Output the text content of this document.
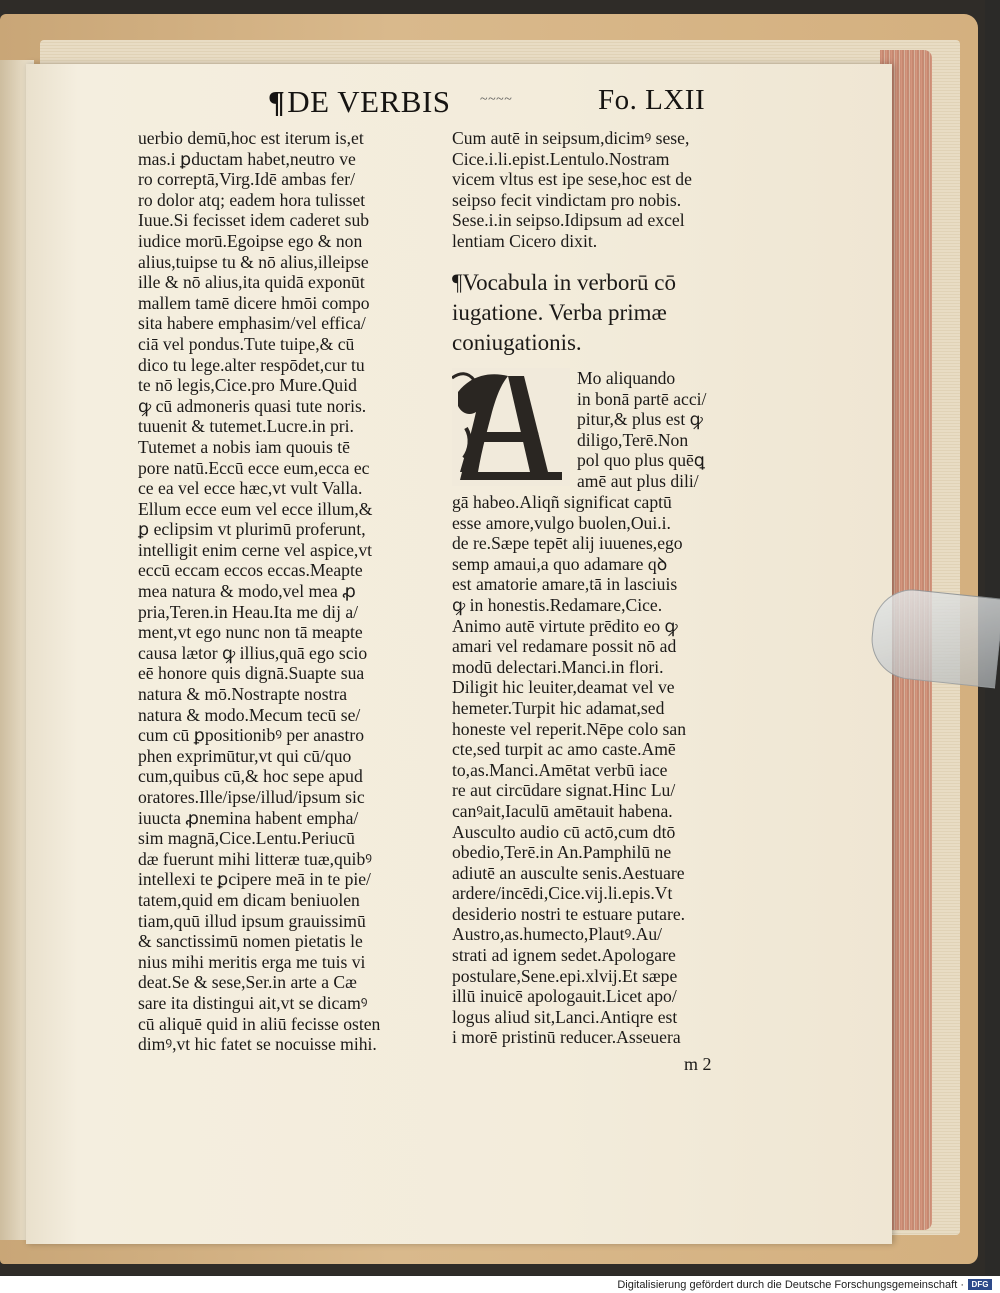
¶DE VERBIS ~~~~	Fo. LXII
uerbio demū,hoc est iterum is,et
mas.i ꝑductam habet,neutro ve
ro correptā,Virg.Idē ambas fer/
ro dolor atq; eadem hora tulisset
Iuue.Si fecisset idem caderet sub
iudice morū.Egoipse ego & non
alius,tuipse tu & nō alius,illeipse
ille & nō alius,ita quidā exponūt
mallem tamē dicere hmōi compo
sita habere emphasim/vel effica/
ciā vel pondus.Tute tuipe,& cū
dico tu lege.alter respōdet,cur tu
te nō legis,Cice.pro Mure.Quid
ꝙ cū admoneris quasi tute noris.
tuuenit & tutemet.Lucre.in pri.
Tutemet a nobis iam quouis tē
pore natū.Eccū ecce eum,ecca ec
ce ea vel ecce hæc,vt vult Valla.
Ellum ecce eum vel ecce illum,&
ꝑ eclipsim vt plurimū proferunt,
intelligit enim cerne vel aspice,vt
eccū eccam eccos eccas.Meapte
mea natura & modo,vel mea ꝓ
pria,Teren.in Heau.Ita me dij a/
ment,vt ego nunc non tā meapte
causa lætor ꝙ illius,quā ego scio
eē honore quis dignā.Suapte sua
natura & mō.Nostrapte nostra
natura & modo.Mecum tecū se/
cum cū ꝑpositionibꝰ per anastro
phen exprimūtur,vt qui cū/quo
cum,quibus cū,& hoc sepe apud
oratores.Ille/ipse/illud/ipsum sic
iuucta ꝓnemina habent empha/
sim magnā,Cice.Lentu.Periucū
dæ fuerunt mihi litteræ tuæ,quibꝰ
intellexi te ꝑcipere meā in te pie/
tatem,quid em dicam beniuolen
tiam,quū illud ipsum grauissimū
& sanctissimū nomen pietatis le
nius mihi meritis erga me tuis vi
deat.Se & sese,Ser.in arte a Cæ
sare ita distingui ait,vt se dicamꝰ
cū aliquē quid in aliū fecisse osten
dimꝰ,vt hic fatet se nocuisse mihi.
Cum autē in seipsum,dicimꝰ sese,
Cice.i.li.epist.Lentulo.Nostram
vicem vltus est ipe sese,hoc est de
seipso fecit vindictam pro nobis.
Sese.i.in seipso.Idipsum ad excel
lentiam Cicero dixit.
¶Vocabula in verborū cō
iugatione. Verba primæ
coniugationis.
A
Mo aliquando
in bonā partē acci/
pitur,& plus est ꝙ
diligo,Terē.Non
pol quo plus quēꝗ
amē aut plus dili/
gā habeo.Aliqñ significat captū
esse amore,vulgo buolen,Oui.i.
de re.Sæpe tepēt alij iuuenes,ego
semp amaui,a quo adamare qꝺ
est amatorie amare,tā in lasciuis
ꝙ in honestis.Redamare,Cice.
Animo autē virtute prēdito eo ꝙ
amari vel redamare possit nō ad
modū delectari.Manci.in flori.
Diligit hic leuiter,deamat vel ve
hemeter.Turpit hic adamat,sed
honeste vel reperit.Nēpe colo san
cte,sed turpit ac amo caste.Amē
to,as.Manci.Amētat verbū iace
re aut circūdare signat.Hinc Lu/
canꝰait,Iaculū amētauit habena.
Ausculto audio cū actō,cum dtō
obedio,Terē.in An.Pamphilū ne
adiutē an ausculte senis.Aestuare
ardere/incēdi,Cice.vij.li.epis.Vt
desiderio nostri te estuare putare.
Austro,as.humecto,Plautꝰ.Au/
strati ad ignem sedet.Apologare
postulare,Sene.epi.xlvij.Et sæpe
illū inuicē apologauit.Licet apo/
logus aliud sit,Lanci.Antiqre est
i morē pristinū reducer.Asseuera
m 2
Digitalisierung gefördert durch die Deutsche Forschungsgemeinschaft · DFG
